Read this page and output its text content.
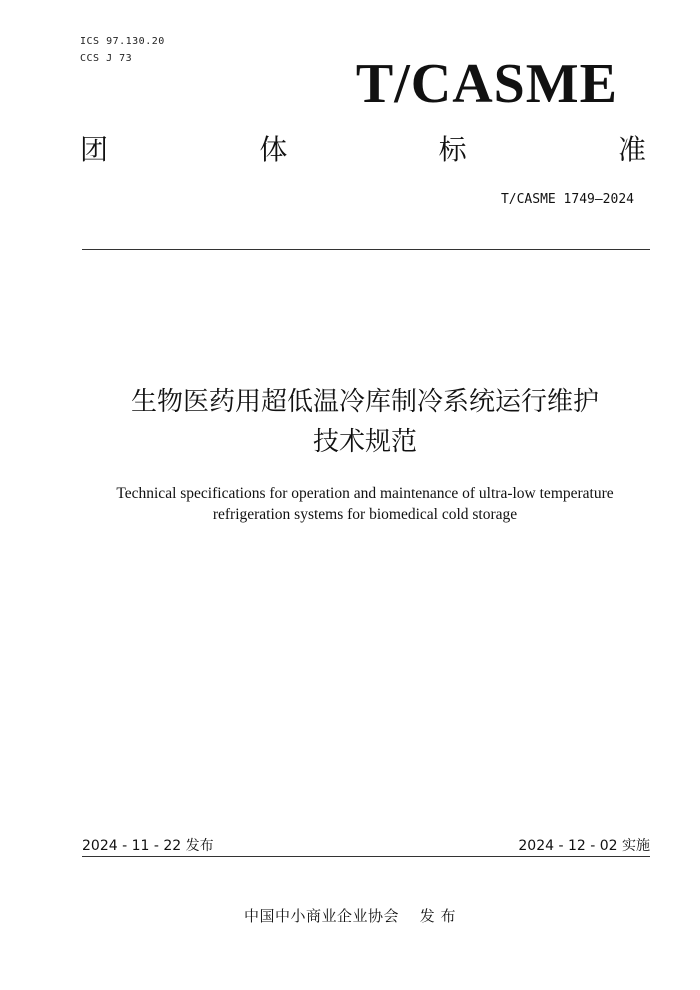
ICS 97.130.20
CCS J 73	T/CASME
团	体	标	准
T/CASME 1749—2024
生物医药用超低温冷库制冷系统运行维护
技术规范
Technical specifications for operation and maintenance of ultra-low temperature
refrigeration systems for biomedical cold storage
2024 - 11 - 22 发布	2024 - 12 - 02 实施
中国中小商业企业协会　 发 布
